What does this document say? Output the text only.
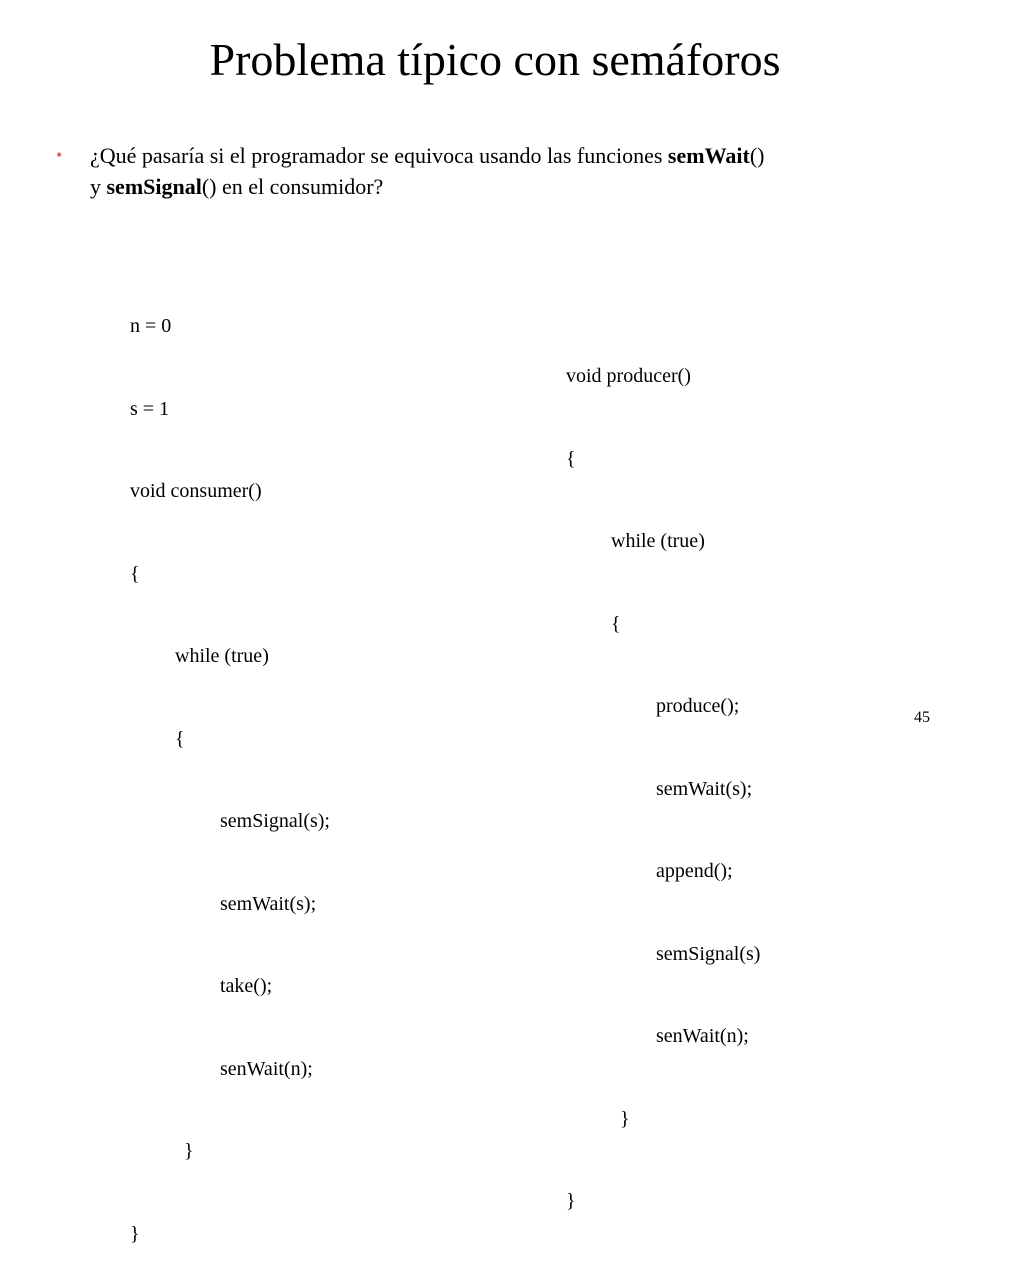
Problema típico con semáforos
• ¿Qué pasaría si el programador se equivoca usando las funciones semWait()
y semSignal() en el consumidor?

n = 0

s = 1

void consumer()

{

while (true)

{

semSignal(s);

semWait(s);

take();

senWait(n);

}

}

void producer()

{

while (true)

{

produce();

semWait(s);

append();

semSignal(s)

senWait(n);

}

}

45
